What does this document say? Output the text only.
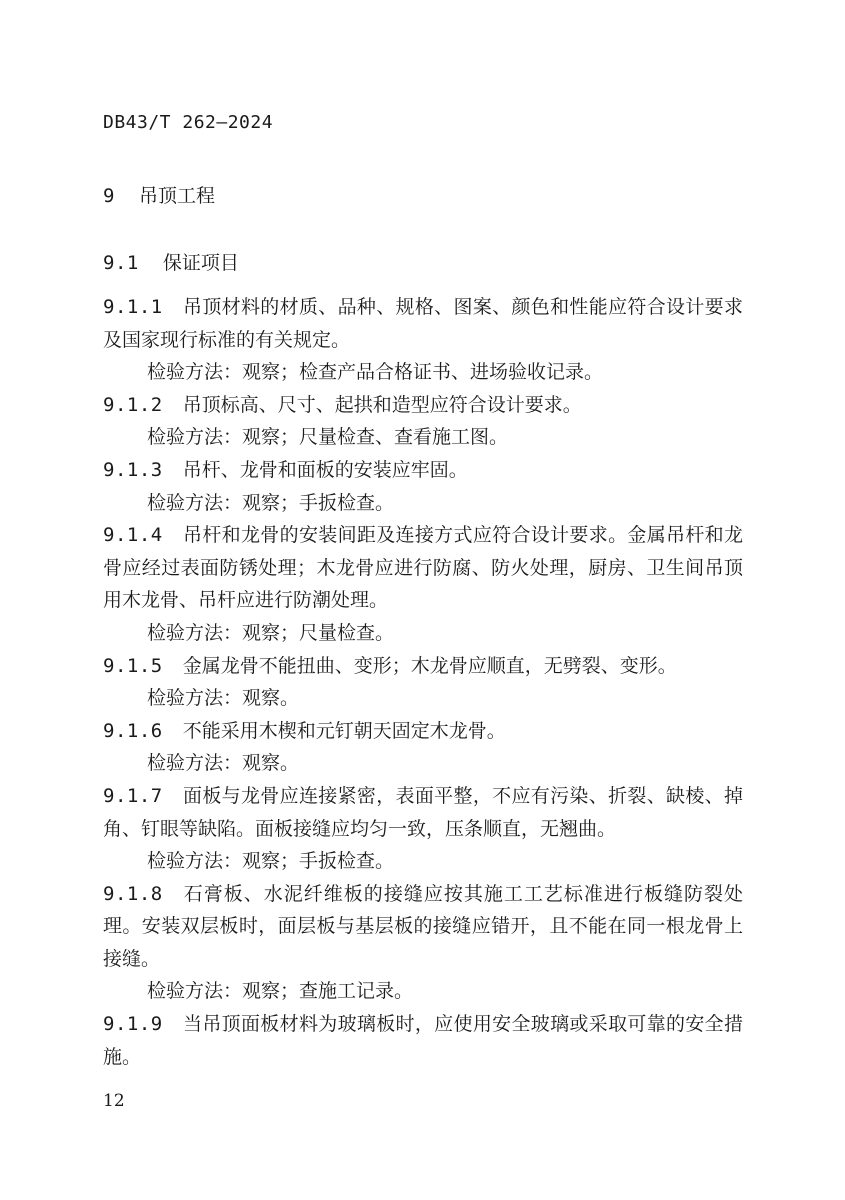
DB43/T 262—2024
9 吊顶工程
9.1 保证项目

9.1.1 吊顶材料的材质、品种、规格、图案、颜色和性能应符合设计要求及国家现行标准的有关规定。

检验方法：观察；检查产品合格证书、进场验收记录。

9.1.2 吊顶标高、尺寸、起拱和造型应符合设计要求。

检验方法：观察；尺量检查、查看施工图。

9.1.3 吊杆、龙骨和面板的安装应牢固。

检验方法：观察；手扳检查。

9.1.4 吊杆和龙骨的安装间距及连接方式应符合设计要求。金属吊杆和龙骨应经过表面防锈处理；木龙骨应进行防腐、防火处理，厨房、卫生间吊顶用木龙骨、吊杆应进行防潮处理。

检验方法：观察；尺量检查。

9.1.5 金属龙骨不能扭曲、变形；木龙骨应顺直，无劈裂、变形。

检验方法：观察。

9.1.6 不能采用木楔和元钉朝天固定木龙骨。

检验方法：观察。

9.1.7 面板与龙骨应连接紧密，表面平整，不应有污染、折裂、缺棱、掉角、钉眼等缺陷。面板接缝应均匀一致，压条顺直，无翘曲。

检验方法：观察；手扳检查。

9.1.8 石膏板、水泥纤维板的接缝应按其施工工艺标准进行板缝防裂处理。安装双层板时，面层板与基层板的接缝应错开，且不能在同一根龙骨上接缝。

检验方法：观察；查施工记录。

9.1.9 当吊顶面板材料为玻璃板时，应使用安全玻璃或采取可靠的安全措施。

12
